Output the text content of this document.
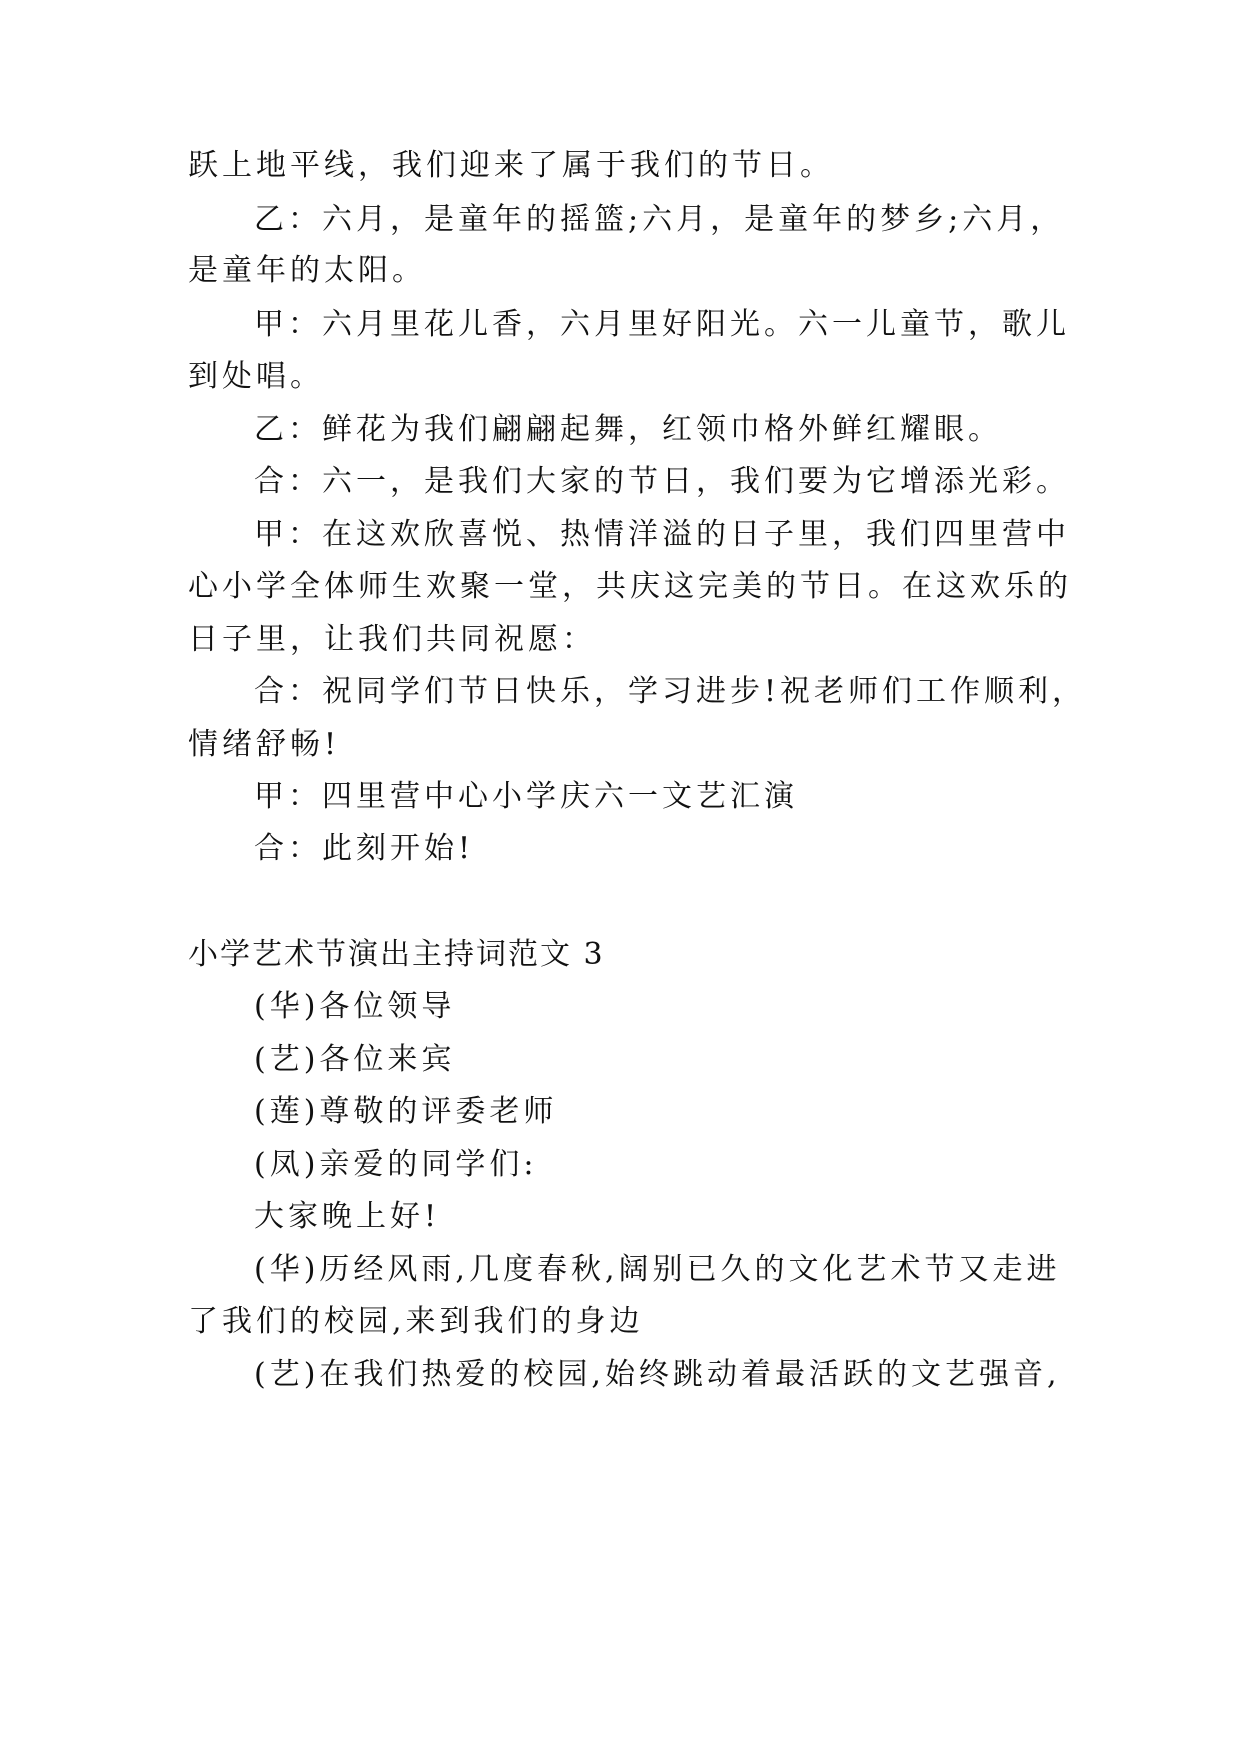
跃上地平线，我们迎来了属于我们的节日。
乙：六月，是童年的摇篮;六月，是童年的梦乡;六月，
是童年的太阳。
甲：六月里花儿香，六月里好阳光。六一儿童节，歌儿
到处唱。
乙：鲜花为我们翩翩起舞，红领巾格外鲜红耀眼。
合：六一，是我们大家的节日，我们要为它增添光彩。
甲：在这欢欣喜悦、热情洋溢的日子里，我们四里营中
心小学全体师生欢聚一堂，共庆这完美的节日。在这欢乐的
日子里，让我们共同祝愿：
合：祝同学们节日快乐，学习进步!祝老师们工作顺利，
情绪舒畅!
甲：四里营中心小学庆六一文艺汇演
合：此刻开始!
小学艺术节演出主持词范文 3
(华)各位领导
(艺)各位来宾
(莲)尊敬的评委老师
(凤)亲爱的同学们:
大家晚上好!
(华)历经风雨,几度春秋,阔别已久的文化艺术节又走进
了我们的校园,来到我们的身边
(艺)在我们热爱的校园,始终跳动着最活跃的文艺强音,
